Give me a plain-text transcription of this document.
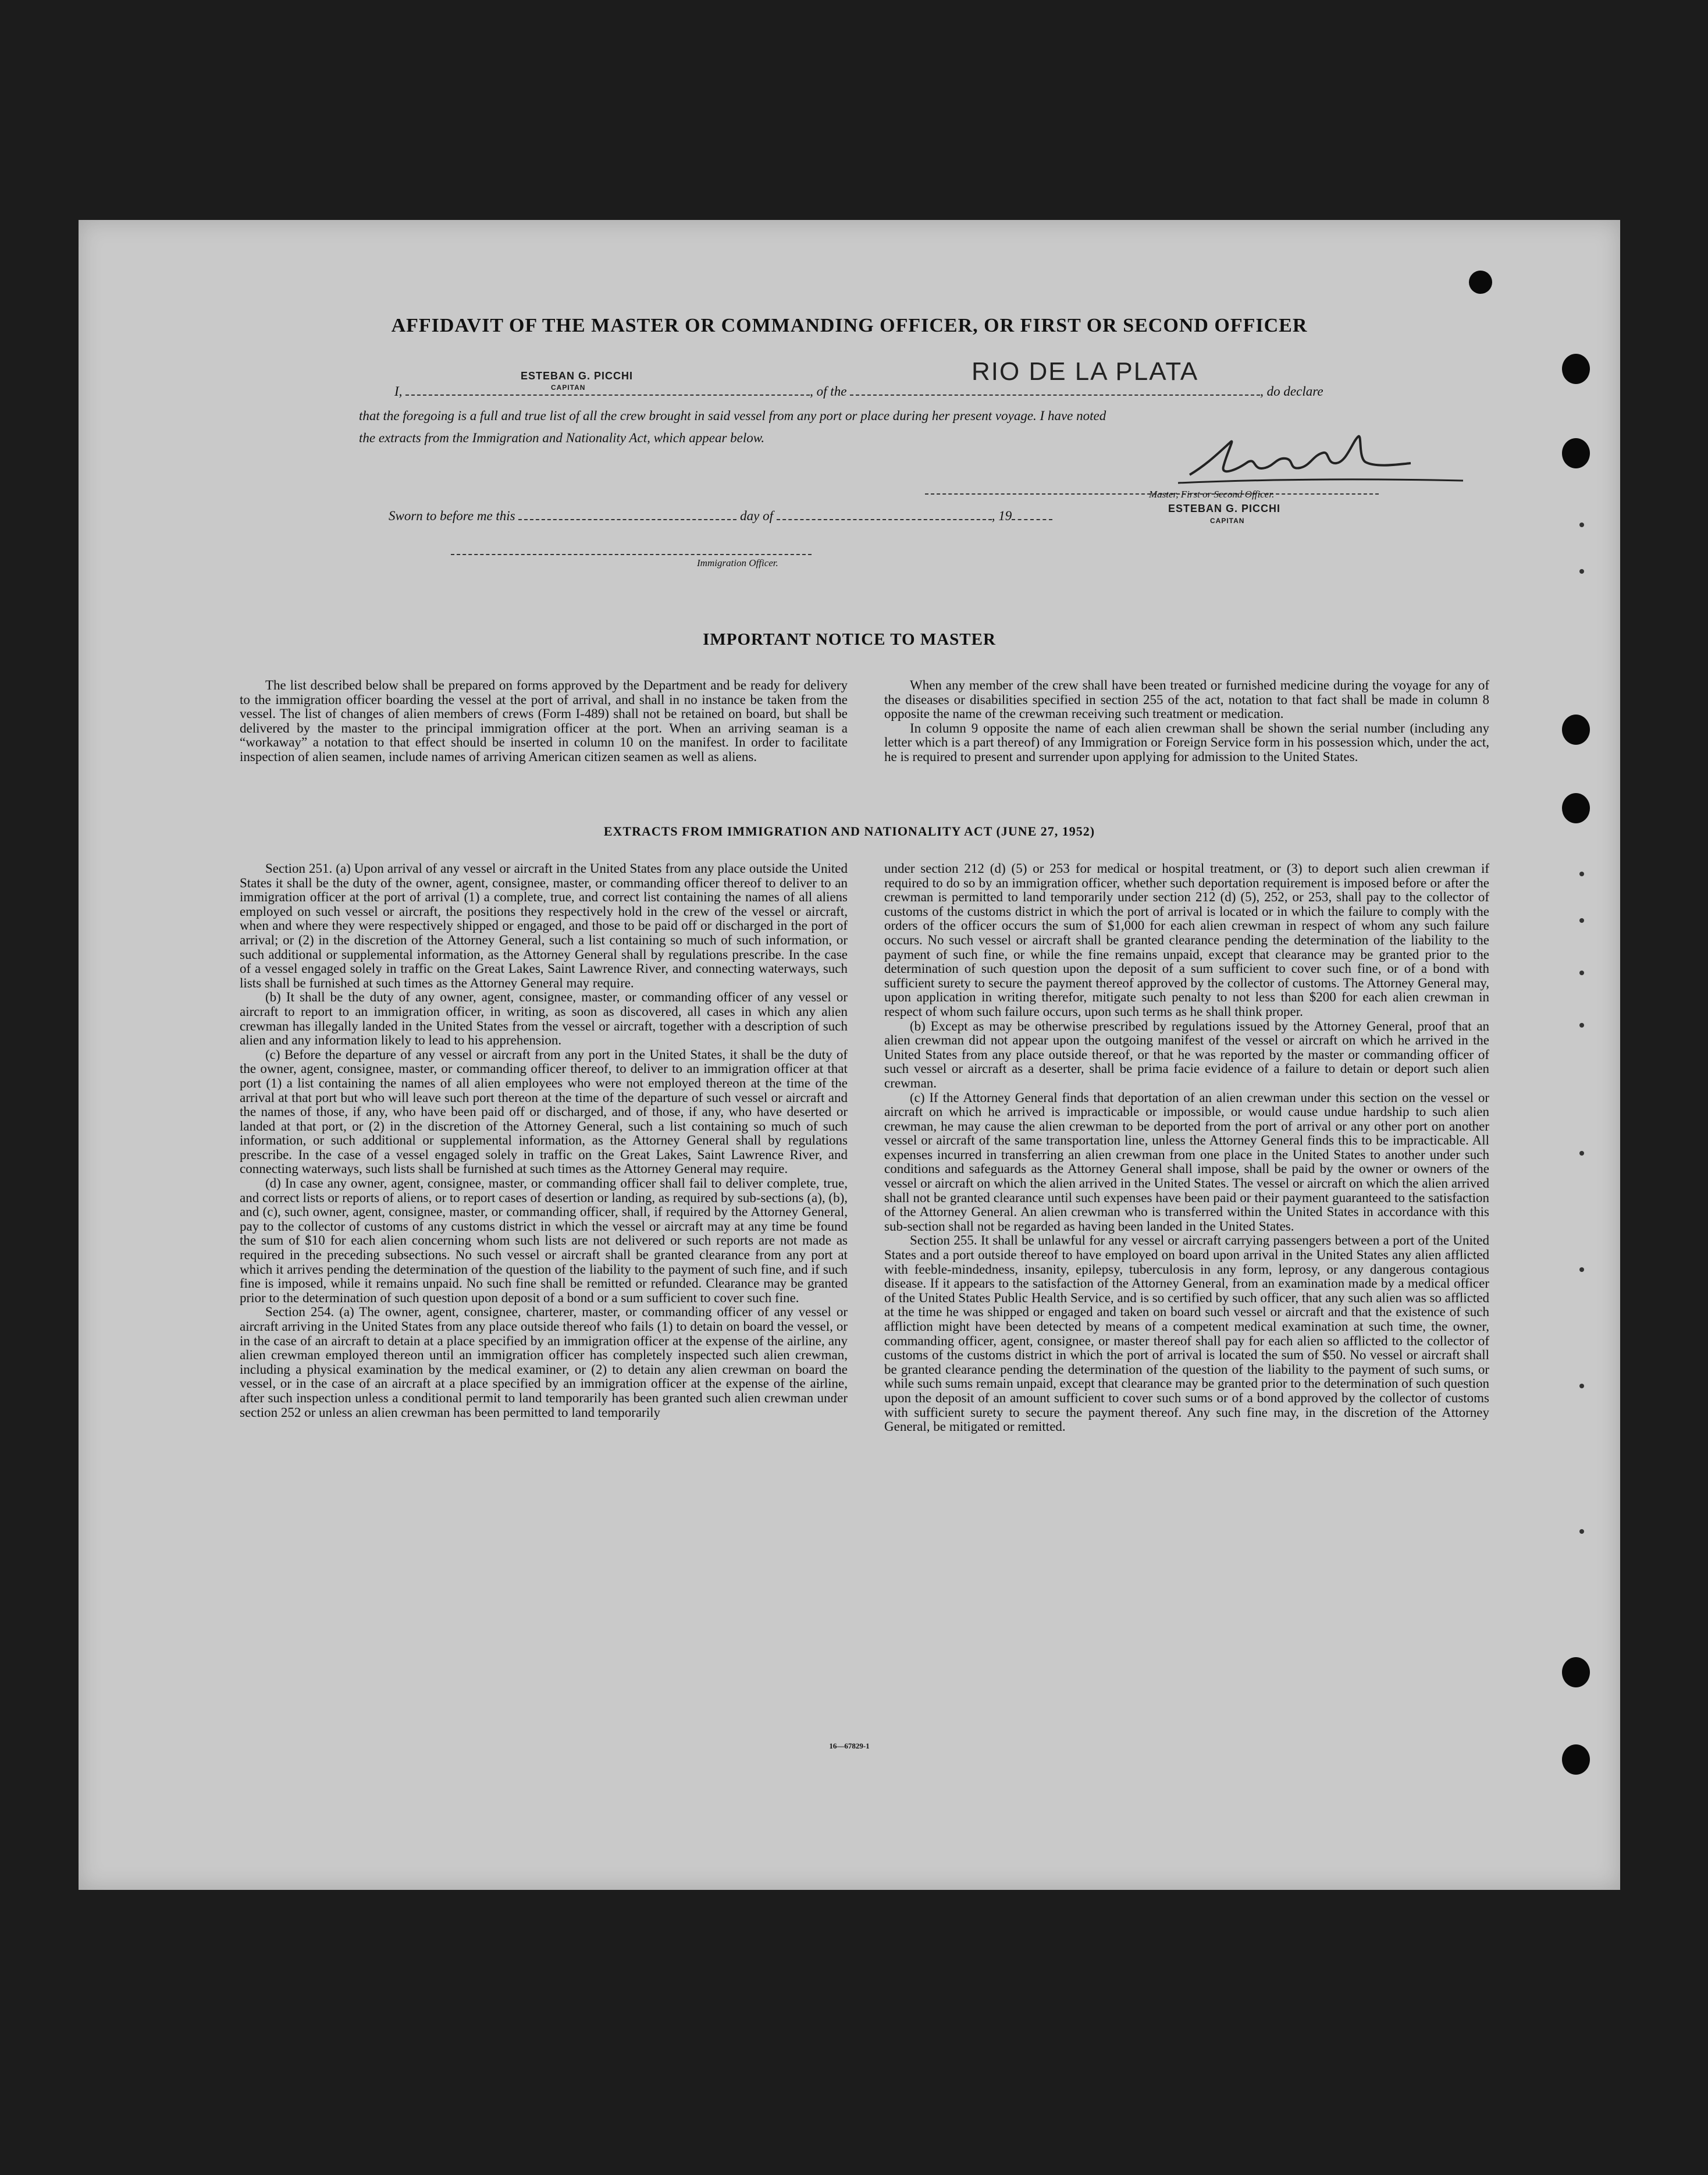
AFFIDAVIT OF THE MASTER OR COMMANDING OFFICER, OR FIRST OR SECOND OFFICER
I,	, of the	, do declare
ESTEBAN G. PICCHI
CAPITAN
RIO DE LA PLATA
that the foregoing is a full and true list of all the crew brought in said vessel from any port or place during her present voyage. I have noted
the extracts from the Immigration and Nationality Act, which appear below.
Master, First or Second Officer.
ESTEBAN G. PICCHI
CAPITAN
Sworn to before me this	day of	, 19
Immigration Officer.
IMPORTANT NOTICE TO MASTER

The list described below shall be prepared on forms approved by the Department and be ready for delivery to the immigration officer boarding the vessel at the port of arrival, and shall in no instance be taken from the vessel. The list of changes of alien members of crews (Form I-489) shall not be retained on board, but shall be delivered by the master to the principal immigration officer at the port. When an arriving seaman is a “workaway” a notation to that effect should be inserted in column 10 on the manifest. In order to facilitate inspection of alien seamen, include names of arriving American citizen seamen as well as aliens.

When any member of the crew shall have been treated or furnished medicine during the voyage for any of the diseases or disabilities specified in section 255 of the act, notation to that fact shall be made in column 8 opposite the name of the crewman receiving such treatment or medication.

In column 9 opposite the name of each alien crewman shall be shown the serial number (including any letter which is a part thereof) of any Immigration or Foreign Service form in his possession which, under the act, he is required to present and surrender upon applying for admission to the United States.

EXTRACTS FROM IMMIGRATION AND NATIONALITY ACT (JUNE 27, 1952)

Section 251. (a) Upon arrival of any vessel or aircraft in the United States from any place outside the United States it shall be the duty of the owner, agent, consignee, master, or commanding officer thereof to deliver to an immigration officer at the port of arrival (1) a complete, true, and correct list containing the names of all aliens employed on such vessel or aircraft, the positions they respectively hold in the crew of the vessel or aircraft, when and where they were respectively shipped or engaged, and those to be paid off or discharged in the port of arrival; or (2) in the discretion of the Attorney General, such a list containing so much of such information, or such additional or supplemental information, as the Attorney General shall by regulations prescribe. In the case of a vessel engaged solely in traffic on the Great Lakes, Saint Lawrence River, and connecting waterways, such lists shall be furnished at such times as the Attorney General may require.

(b) It shall be the duty of any owner, agent, consignee, master, or commanding officer of any vessel or aircraft to report to an immigration officer, in writing, as soon as discovered, all cases in which any alien crewman has illegally landed in the United States from the vessel or aircraft, together with a description of such alien and any information likely to lead to his apprehension.

(c) Before the departure of any vessel or aircraft from any port in the United States, it shall be the duty of the owner, agent, consignee, master, or commanding officer thereof, to deliver to an immigration officer at that port (1) a list containing the names of all alien employees who were not employed thereon at the time of the arrival at that port but who will leave such port thereon at the time of the departure of such vessel or aircraft and the names of those, if any, who have been paid off or discharged, and of those, if any, who have deserted or landed at that port, or (2) in the discretion of the Attorney General, such a list containing so much of such information, or such additional or supplemental information, as the Attorney General shall by regulations prescribe. In the case of a vessel engaged solely in traffic on the Great Lakes, Saint Lawrence River, and connecting waterways, such lists shall be furnished at such times as the Attorney General may require.

(d) In case any owner, agent, consignee, master, or commanding officer shall fail to deliver complete, true, and correct lists or reports of aliens, or to report cases of desertion or landing, as required by sub-sections (a), (b), and (c), such owner, agent, consignee, master, or commanding officer, shall, if required by the Attorney General, pay to the collector of customs of any customs district in which the vessel or aircraft may at any time be found the sum of $10 for each alien concerning whom such lists are not delivered or such reports are not made as required in the preceding subsections. No such vessel or aircraft shall be granted clearance from any port at which it arrives pending the determination of the question of the liability to the payment of such fine, and if such fine is imposed, while it remains unpaid. No such fine shall be remitted or refunded. Clearance may be granted prior to the determination of such question upon deposit of a bond or a sum sufficient to cover such fine.

Section 254. (a) The owner, agent, consignee, charterer, master, or commanding officer of any vessel or aircraft arriving in the United States from any place outside thereof who fails (1) to detain on board the vessel, or in the case of an aircraft to detain at a place specified by an immigration officer at the expense of the airline, any alien crewman employed thereon until an immigration officer has completely inspected such alien crewman, including a physical examination by the medical examiner, or (2) to detain any alien crewman on board the vessel, or in the case of an aircraft at a place specified by an immigration officer at the expense of the airline, after such inspection unless a conditional permit to land temporarily has been granted such alien crewman under section 252 or unless an alien crewman has been permitted to land temporarily

under section 212 (d) (5) or 253 for medical or hospital treatment, or (3) to deport such alien crewman if required to do so by an immigration officer, whether such deportation requirement is imposed before or after the crewman is permitted to land temporarily under section 212 (d) (5), 252, or 253, shall pay to the collector of customs of the customs district in which the port of arrival is located or in which the failure to comply with the orders of the officer occurs the sum of $1,000 for each alien crewman in respect of whom any such failure occurs. No such vessel or aircraft shall be granted clearance pending the determination of the liability to the payment of such fine, or while the fine remains unpaid, except that clearance may be granted prior to the determination of such question upon the deposit of a sum sufficient to cover such fine, or of a bond with sufficient surety to secure the payment thereof approved by the collector of customs. The Attorney General may, upon application in writing therefor, mitigate such penalty to not less than $200 for each alien crewman in respect of whom such failure occurs, upon such terms as he shall think proper.

(b) Except as may be otherwise prescribed by regulations issued by the Attorney General, proof that an alien crewman did not appear upon the outgoing manifest of the vessel or aircraft on which he arrived in the United States from any place outside thereof, or that he was reported by the master or commanding officer of such vessel or aircraft as a deserter, shall be prima facie evidence of a failure to detain or deport such alien crewman.

(c) If the Attorney General finds that deportation of an alien crewman under this section on the vessel or aircraft on which he arrived is impracticable or impossible, or would cause undue hardship to such alien crewman, he may cause the alien crewman to be deported from the port of arrival or any other port on another vessel or aircraft of the same transportation line, unless the Attorney General finds this to be impracticable. All expenses incurred in transferring an alien crewman from one place in the United States to another under such conditions and safeguards as the Attorney General shall impose, shall be paid by the owner or owners of the vessel or aircraft on which the alien arrived in the United States. The vessel or aircraft on which the alien arrived shall not be granted clearance until such expenses have been paid or their payment guaranteed to the satisfaction of the Attorney General. An alien crewman who is transferred within the United States in accordance with this sub-section shall not be regarded as having been landed in the United States.

Section 255. It shall be unlawful for any vessel or aircraft carrying passengers between a port of the United States and a port outside thereof to have employed on board upon arrival in the United States any alien afflicted with feeble-mindedness, insanity, epilepsy, tuberculosis in any form, leprosy, or any dangerous contagious disease. If it appears to the satisfaction of the Attorney General, from an examination made by a medical officer of the United States Public Health Service, and is so certified by such officer, that any such alien was so afflicted at the time he was shipped or engaged and taken on board such vessel or aircraft and that the existence of such affliction might have been detected by means of a competent medical examination at such time, the owner, commanding officer, agent, consignee, or master thereof shall pay for each alien so afflicted to the collector of customs of the customs district in which the port of arrival is located the sum of $50. No vessel or aircraft shall be granted clearance pending the determination of the question of the liability to the payment of such sums, or while such sums remain unpaid, except that clearance may be granted prior to the determination of such question upon the deposit of an amount sufficient to cover such sums or of a bond approved by the collector of customs with sufficient surety to secure the payment thereof. Any such fine may, in the discretion of the Attorney General, be mitigated or remitted.

16—67829-1
